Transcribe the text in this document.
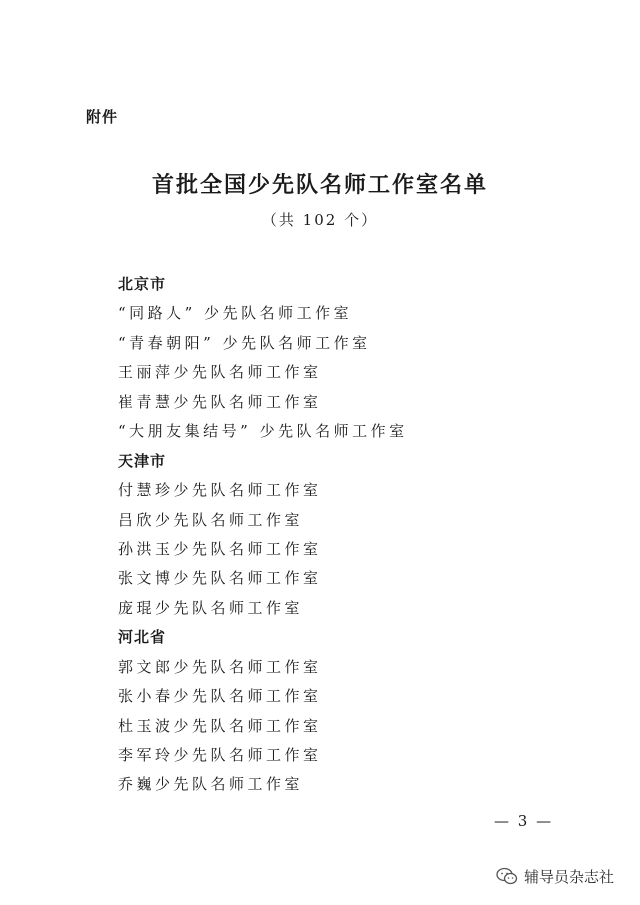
附件
首批全国少先队名师工作室名单
（共 102 个）
北京市
“同路人” 少先队名师工作室
“青春朝阳” 少先队名师工作室
王丽萍少先队名师工作室
崔青慧少先队名师工作室
“大朋友集结号” 少先队名师工作室
天津市
付慧珍少先队名师工作室
吕欣少先队名师工作室
孙洪玉少先队名师工作室
张文博少先队名师工作室
庞琨少先队名师工作室
河北省
郭文郎少先队名师工作室
张小春少先队名师工作室
杜玉波少先队名师工作室
李军玲少先队名师工作室
乔巍少先队名师工作室
— 3 —
辅导员杂志社
